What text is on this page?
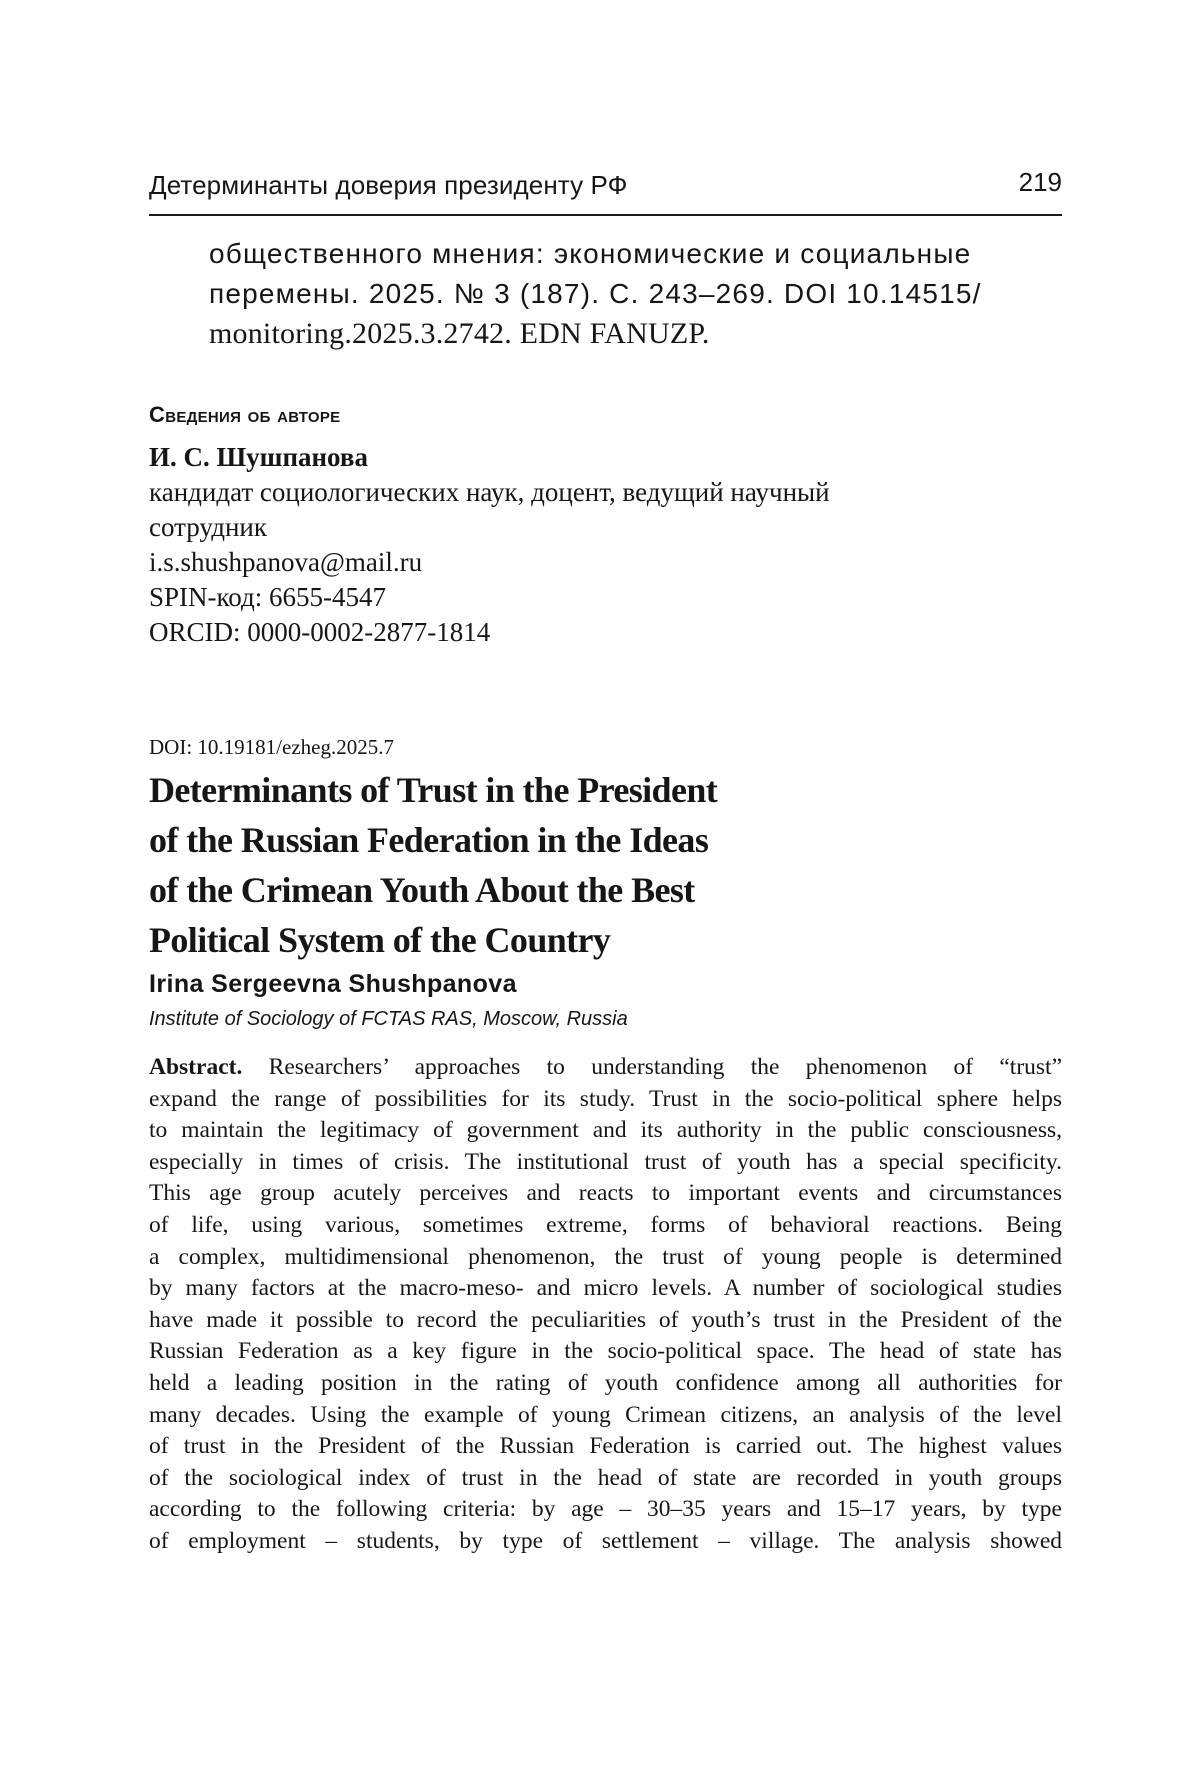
Детерминанты доверия президенту РФ	219
общественного мнения: экономические и социальные
перемены. 2025. № 3 (187). С. 243–269. DOI 10.14515/
monitoring.2025.3.2742. EDN FANUZP.
Сведения об авторе
И. С. Шушпанова
кандидат социологических наук, доцент, ведущий научный
сотрудник
i.s.shushpanova@mail.ru
SPIN-код: 6655-4547
ORCID: 0000-0002-2877-1814
DOI: 10.19181/ezheg.2025.7
Determinants of Trust in the President
of the Russian Federation in the Ideas
of the Crimean Youth About the Best
Political System of the Country
Irina Sergeevna Shushpanova
Institute of Sociology of FCTAS RAS, Moscow, Russia
Abstract. Researchers’ approaches to understanding the phenomenon of “trust”
expand the range of possibilities for its study. Trust in the socio-political sphere helps
to maintain the legitimacy of government and its authority in the public consciousness,
especially in times of crisis. The institutional trust of youth has a special specificity.
This age group acutely perceives and reacts to important events and circumstances
of life, using various, sometimes extreme, forms of behavioral reactions. Being
a complex, multidimensional phenomenon, the trust of young people is determined
by many factors at the macro-meso- and micro levels. A number of sociological studies
have made it possible to record the peculiarities of youth’s trust in the President of the
Russian Federation as a key figure in the socio-political space. The head of state has
held a leading position in the rating of youth confidence among all authorities for
many decades. Using the example of young Crimean citizens, an analysis of the level
of trust in the President of the Russian Federation is carried out. The highest values
of the sociological index of trust in the head of state are recorded in youth groups
according to the following criteria: by age – 30–35 years and 15–17 years, by type
of employment – students, by type of settlement – village. The analysis showed
